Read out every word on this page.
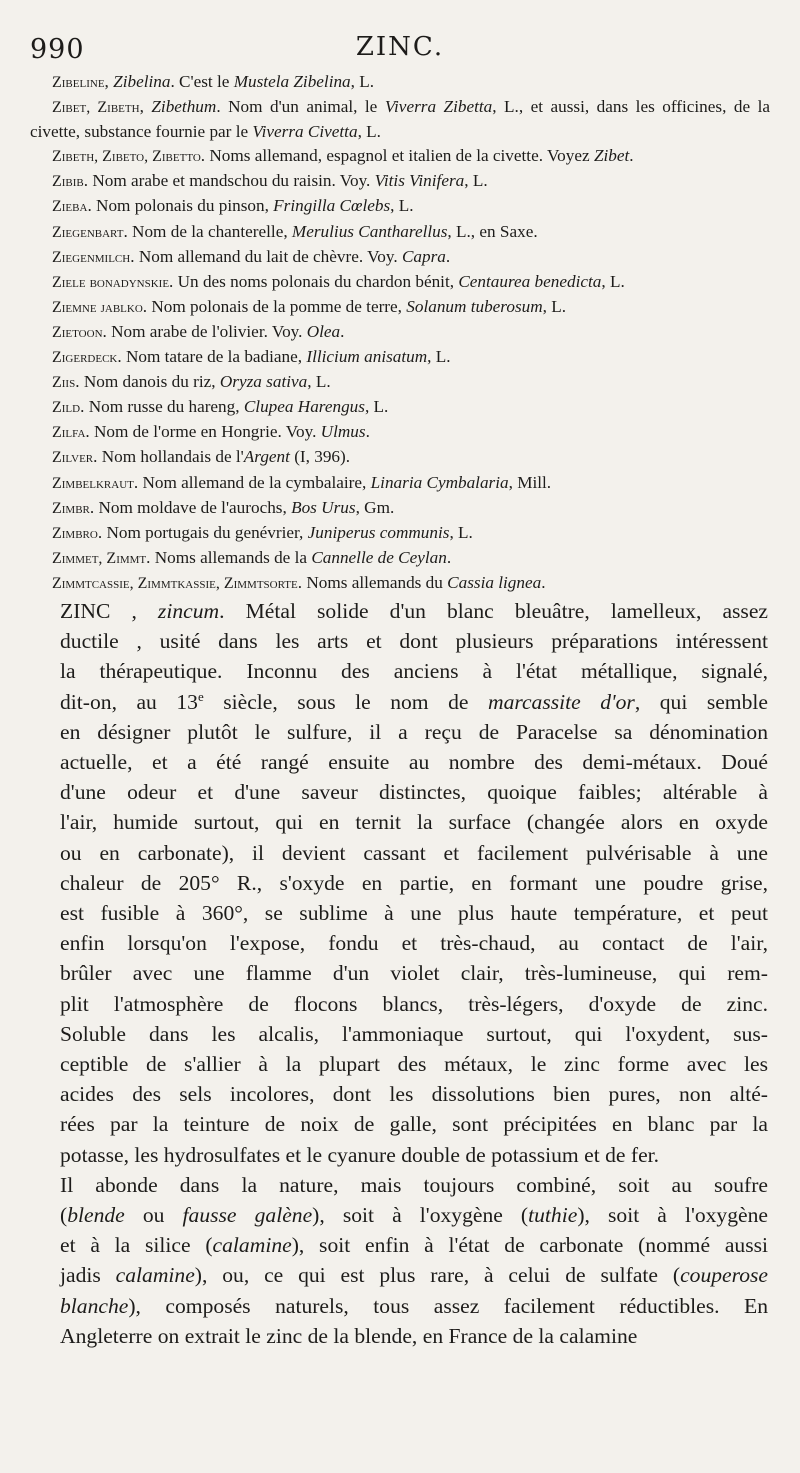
990	ZINC.

Zibeline, Zibelina. C'est le Mustela Zibelina, L.

Zibet, Zibeth, Zibethum. Nom d'un animal, le Viverra Zibetta, L., et aussi, dans les officines, de la civette, substance fournie par le Viverra Civetta, L.

Zibeth, Zibeto, Zibetto. Noms allemand, espagnol et italien de la civette. Voyez Zibet.

Zibib. Nom arabe et mandschou du raisin. Voy. Vitis Vinifera, L.

Zieba. Nom polonais du pinson, Fringilla Cœlebs, L.

Ziegenbart. Nom de la chanterelle, Merulius Cantharellus, L., en Saxe.

Ziegenmilch. Nom allemand du lait de chèvre. Voy. Capra.

Ziele bonadynskie. Un des noms polonais du chardon bénit, Centaurea benedicta, L.

Ziemne jablko. Nom polonais de la pomme de terre, Solanum tuberosum, L.

Zietoon. Nom arabe de l'olivier. Voy. Olea.

Zigerdeck. Nom tatare de la badiane, Illicium anisatum, L.

Ziis. Nom danois du riz, Oryza sativa, L.

Zild. Nom russe du hareng, Clupea Harengus, L.

Zilfa. Nom de l'orme en Hongrie. Voy. Ulmus.

Zilver. Nom hollandais de l'Argent (I, 396).

Zimbelkraut. Nom allemand de la cymbalaire, Linaria Cymbalaria, Mill.

Zimbr. Nom moldave de l'aurochs, Bos Urus, Gm.

Zimbro. Nom portugais du genévrier, Juniperus communis, L.

Zimmet, Zimmt. Noms allemands de la Cannelle de Ceylan.

Zimmtcassie, Zimmtkassie, Zimmtsorte. Noms allemands du Cassia lignea.

ZINC , zincum. Métal solide d'un blanc bleuâtre, lamelleux, assez
ductile , usité dans les arts et dont plusieurs préparations intéressent
la thérapeutique. Inconnu des anciens à l'état métallique, signalé,
dit-on, au 13e siècle, sous le nom de marcassite d'or, qui semble
en désigner plutôt le sulfure, il a reçu de Paracelse sa dénomination
actuelle, et a été rangé ensuite au nombre des demi-métaux. Doué
d'une odeur et d'une saveur distinctes, quoique faibles; altérable à
l'air, humide surtout, qui en ternit la surface (changée alors en oxyde
ou en carbonate), il devient cassant et facilement pulvérisable à une
chaleur de 205° R., s'oxyde en partie, en formant une poudre grise,
est fusible à 360°, se sublime à une plus haute température, et peut
enfin lorsqu'on l'expose, fondu et très-chaud, au contact de l'air,
brûler avec une flamme d'un violet clair, très-lumineuse, qui rem-
plit l'atmosphère de flocons blancs, très-légers, d'oxyde de zinc.
Soluble dans les alcalis, l'ammoniaque surtout, qui l'oxydent, sus-
ceptible de s'allier à la plupart des métaux, le zinc forme avec les
acides des sels incolores, dont les dissolutions bien pures, non alté-
rées par la teinture de noix de galle, sont précipitées en blanc par la
potasse, les hydrosulfates et le cyanure double de potassium et de fer.

Il abonde dans la nature, mais toujours combiné, soit au soufre
(blende ou fausse galène), soit à l'oxygène (tuthie), soit à l'oxygène
et à la silice (calamine), soit enfin à l'état de carbonate (nommé aussi
jadis calamine), ou, ce qui est plus rare, à celui de sulfate (couperose
blanche), composés naturels, tous assez facilement réductibles. En
Angleterre on extrait le zinc de la blende, en France de la calamine
